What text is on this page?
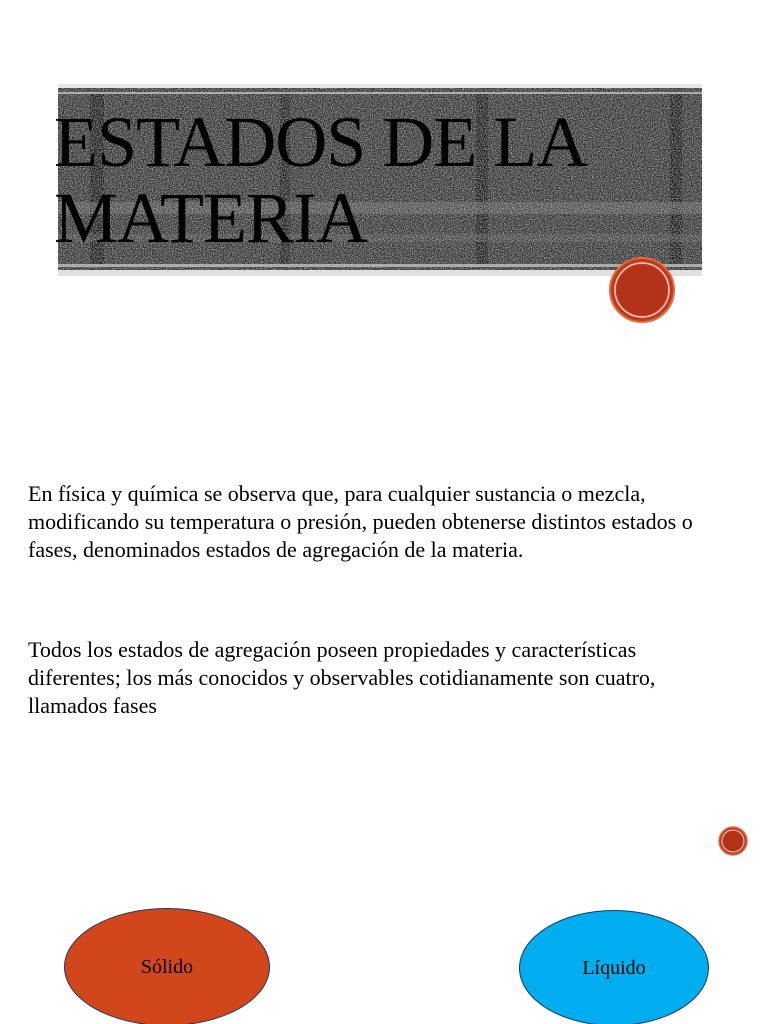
ESTADOS DE LA
MATERIA

En física y química se observa que, para cualquier sustancia o mezcla, modificando su temperatura o presión, pueden obtenerse distintos estados o fases, denominados estados de agregación de la materia.

Todos los estados de agregación poseen propiedades y características diferentes; los más conocidos y observables cotidianamente son cuatro, llamados fases

Sólido	Líquido
